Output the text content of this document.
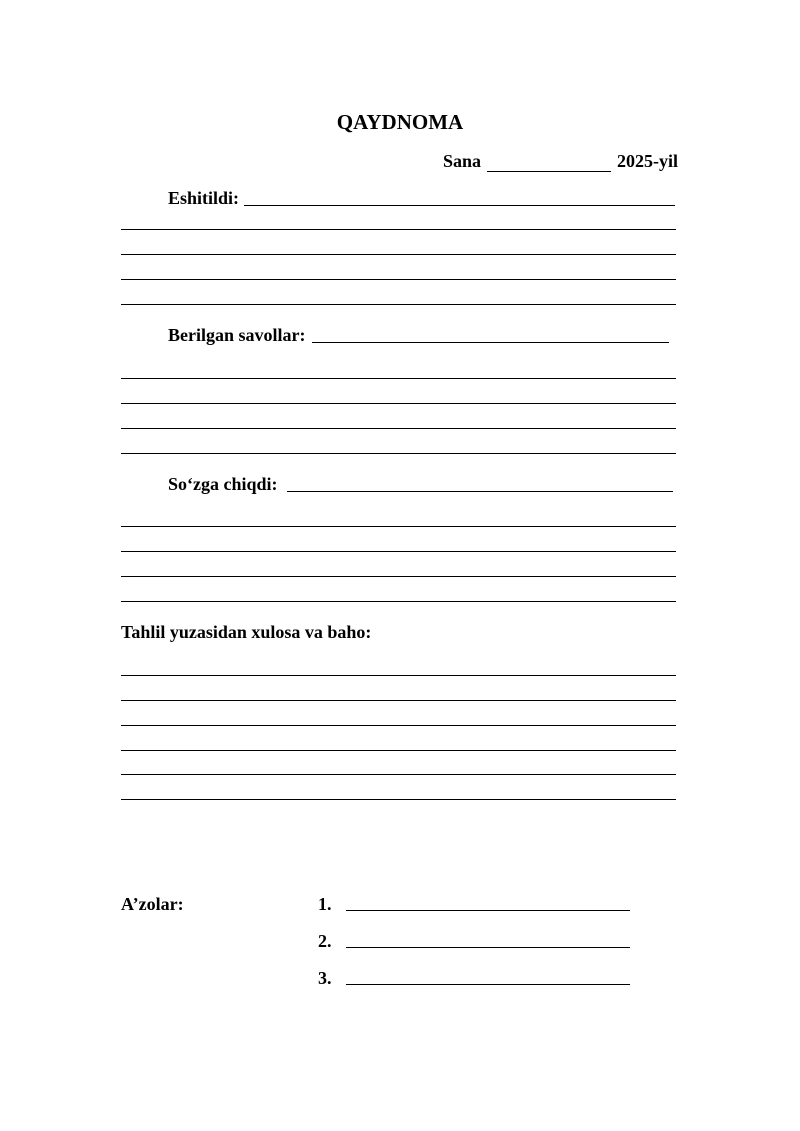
QAYDNOMA
Sana	2025-yil
Eshitildi:
Berilgan savollar:
So‘zga chiqdi:
Tahlil yuzasidan xulosa va baho:
A’zolar:	1.
2.
3.
